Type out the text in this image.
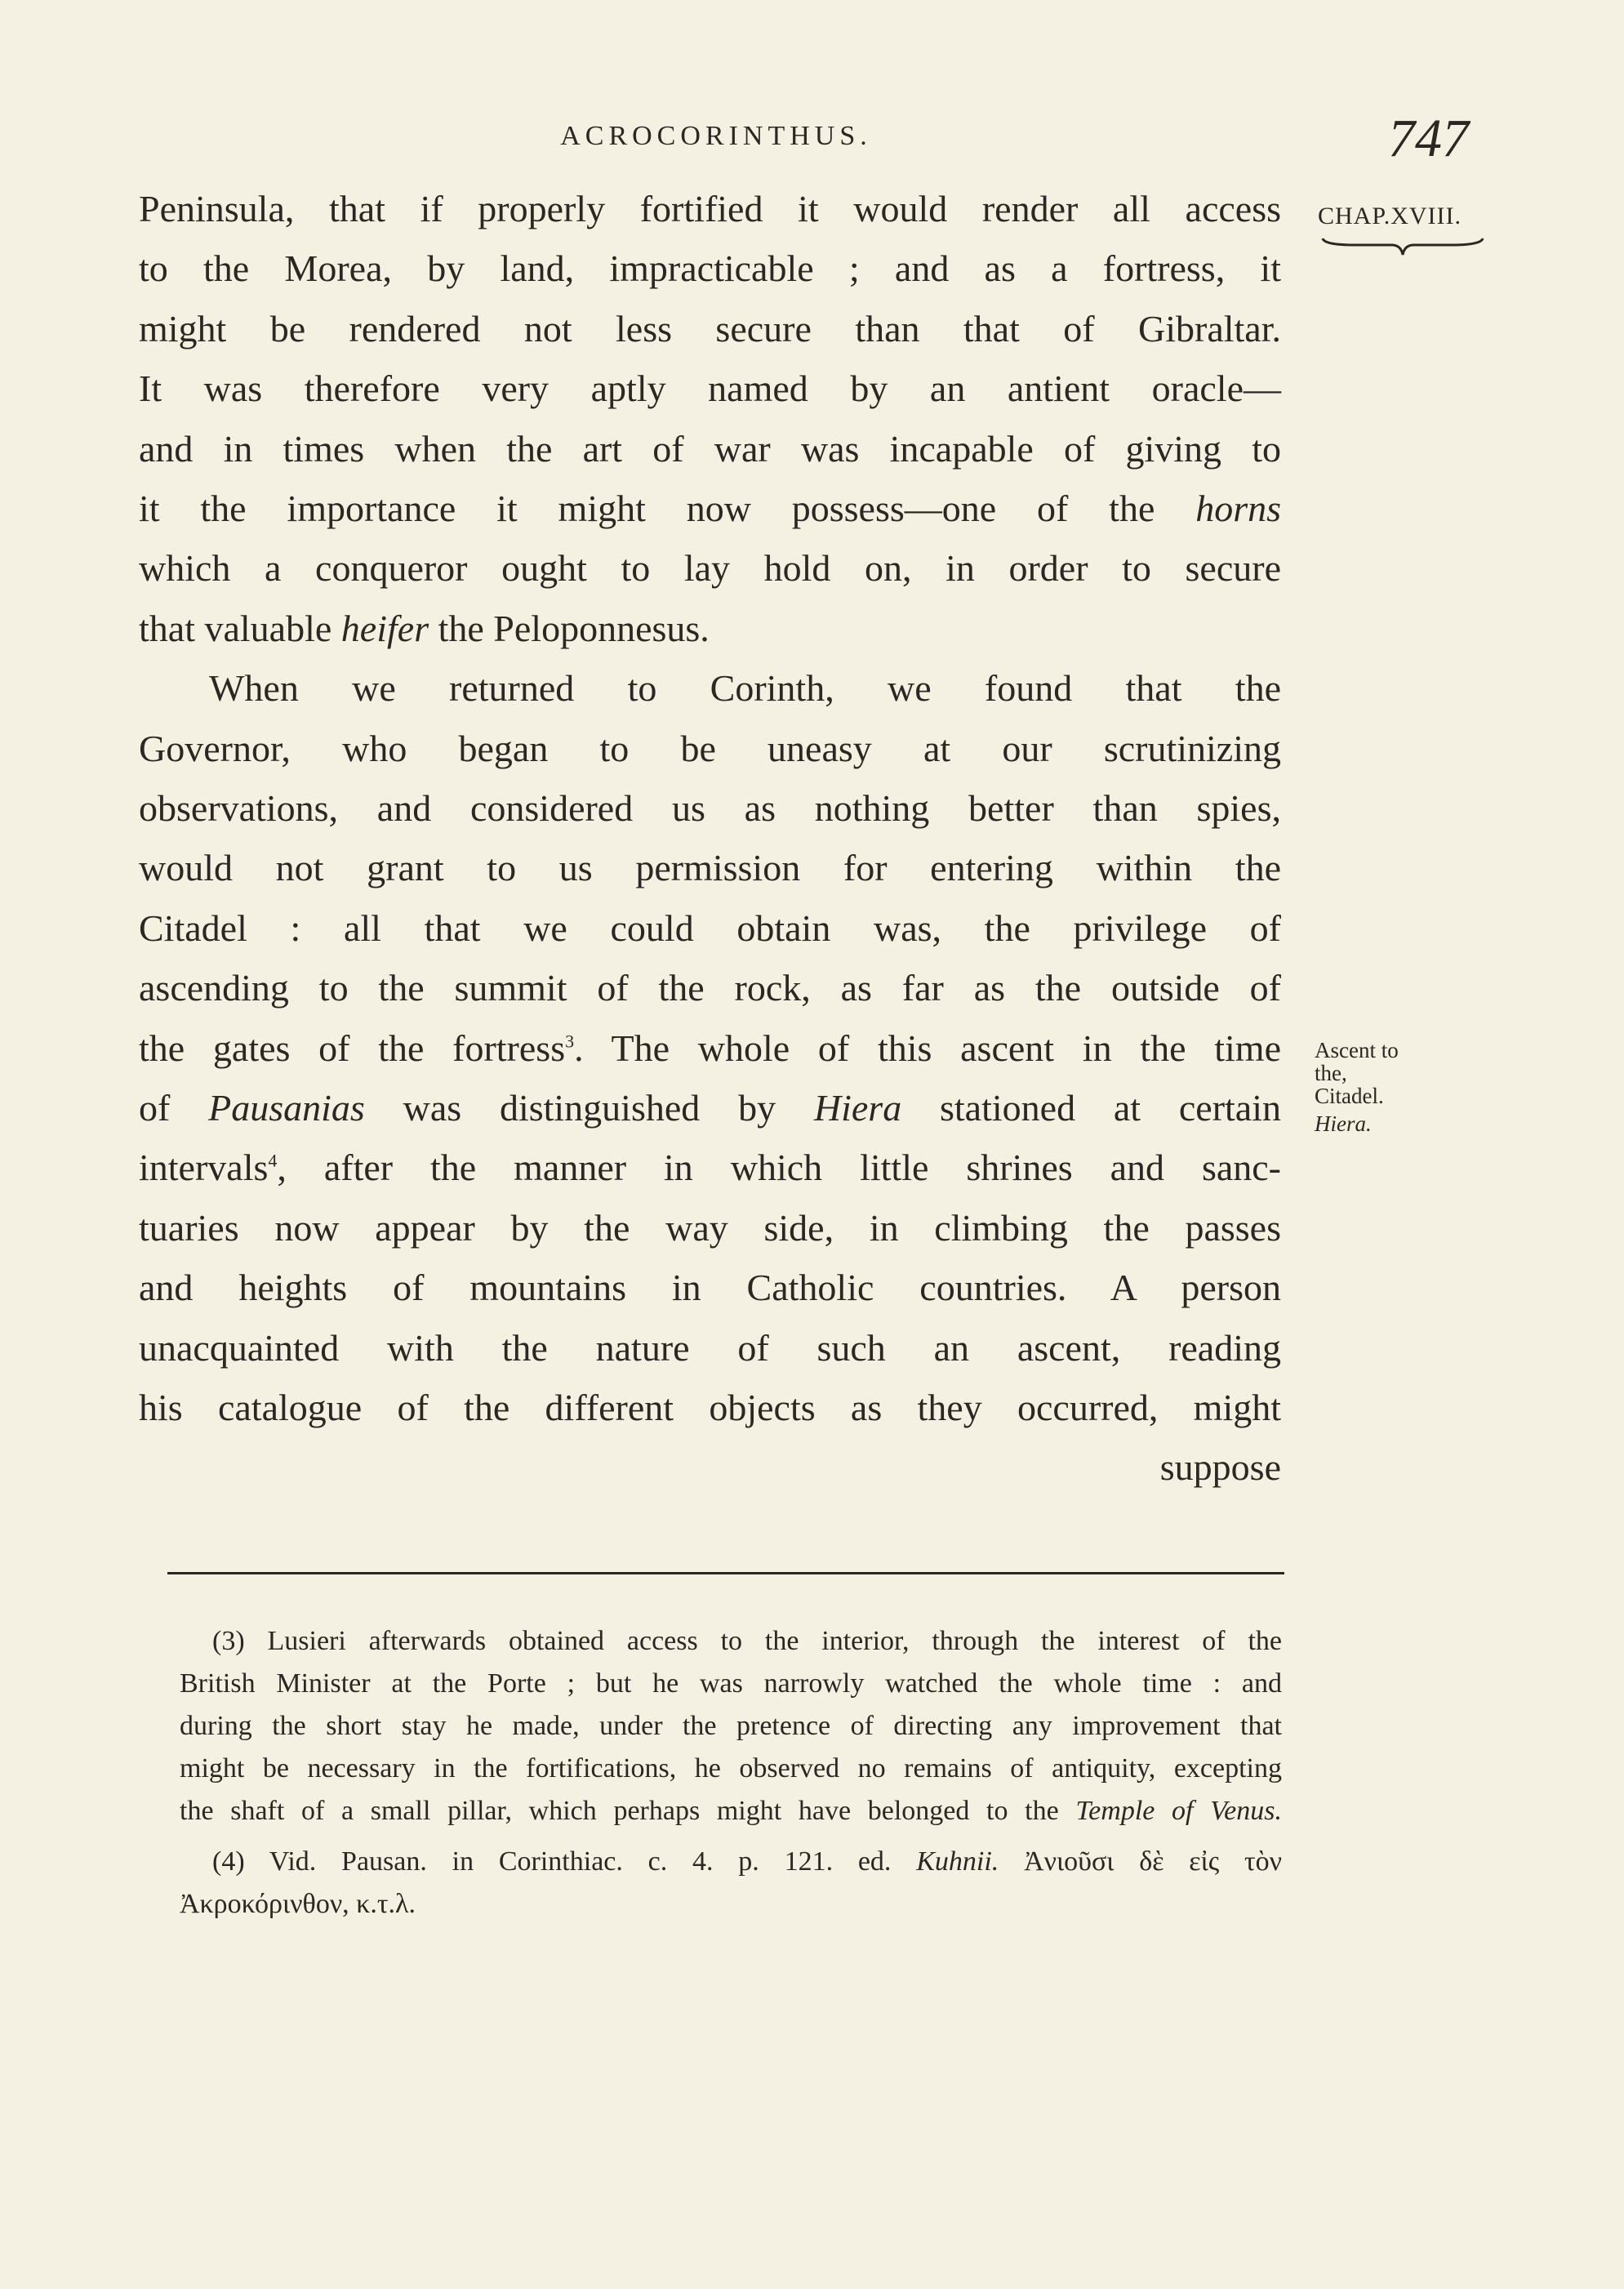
ACROCORINTHUS.	747
CHAP.XVIII.
Ascent to the, Citadel.
Hiera.
Peninsula, that if properly fortified it would render all access
to the Morea, by land, impracticable ; and as a fortress, it
might be rendered not less secure than that of Gibraltar.
It was therefore very aptly named by an antient oracle—
and in times when the art of war was incapable of giving to
it the importance it might now possess—one of the horns
which a conqueror ought to lay hold on, in order to secure
that valuable heifer the Peloponnesus.
When we returned to Corinth, we found that the
Governor, who began to be uneasy at our scrutinizing
observations, and considered us as nothing better than spies,
would not grant to us permission for entering within the
Citadel : all that we could obtain was, the privilege of
ascending to the summit of the rock, as far as the outside of
the gates of the fortress$^3$. The whole of this ascent in the time
of Pausanias was distinguished by Hiera stationed at certain
intervals$^4$, after the manner in which little shrines and sanc-
tuaries now appear by the way side, in climbing the passes
and heights of mountains in Catholic countries. A person
unacquainted with the nature of such an ascent, reading
his catalogue of the different objects as they occurred, might
suppose
(3) Lusieri afterwards obtained access to the interior, through the interest of the
British Minister at the Porte ; but he was narrowly watched the whole time : and
during the short stay he made, under the pretence of directing any improvement that
might be necessary in the fortifications, he observed no remains of antiquity, excepting
the shaft of a small pillar, which perhaps might have belonged to the Temple of Venus.
(4) Vid. Pausan. in Corinthiac. c. 4. p. 121. ed. Kuhnii. Ἀνιοῦσι δὲ εἰς τὸν
Ἀκροκόρινθον, κ.τ.λ.
